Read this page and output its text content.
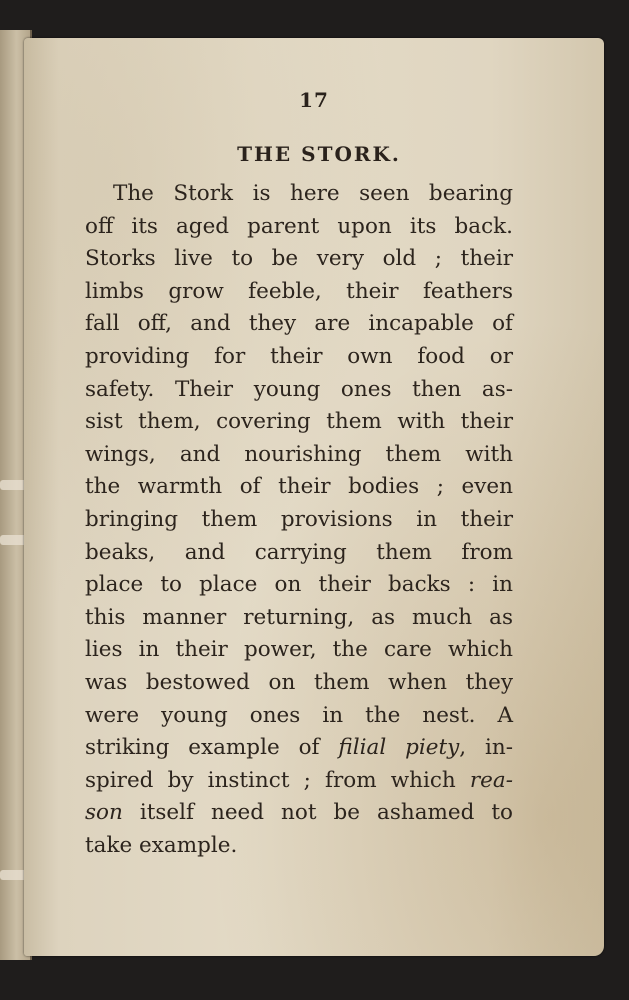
17
THE STORK.
The Stork is here seen bearing
off its aged parent upon its back.
Storks live to be very old ; their
limbs grow feeble, their feathers
fall off, and they are incapable of
providing for their own food or
safety. Their young ones then as-
sist them, covering them with their
wings, and nourishing them with
the warmth of their bodies ; even
bringing them provisions in their
beaks, and carrying them from
place to place on their backs : in
this manner returning, as much as
lies in their power, the care which
was bestowed on them when they
were young ones in the nest. A
striking example of filial piety, in-
spired by instinct ; from which rea-
son itself need not be ashamed to
take example.
